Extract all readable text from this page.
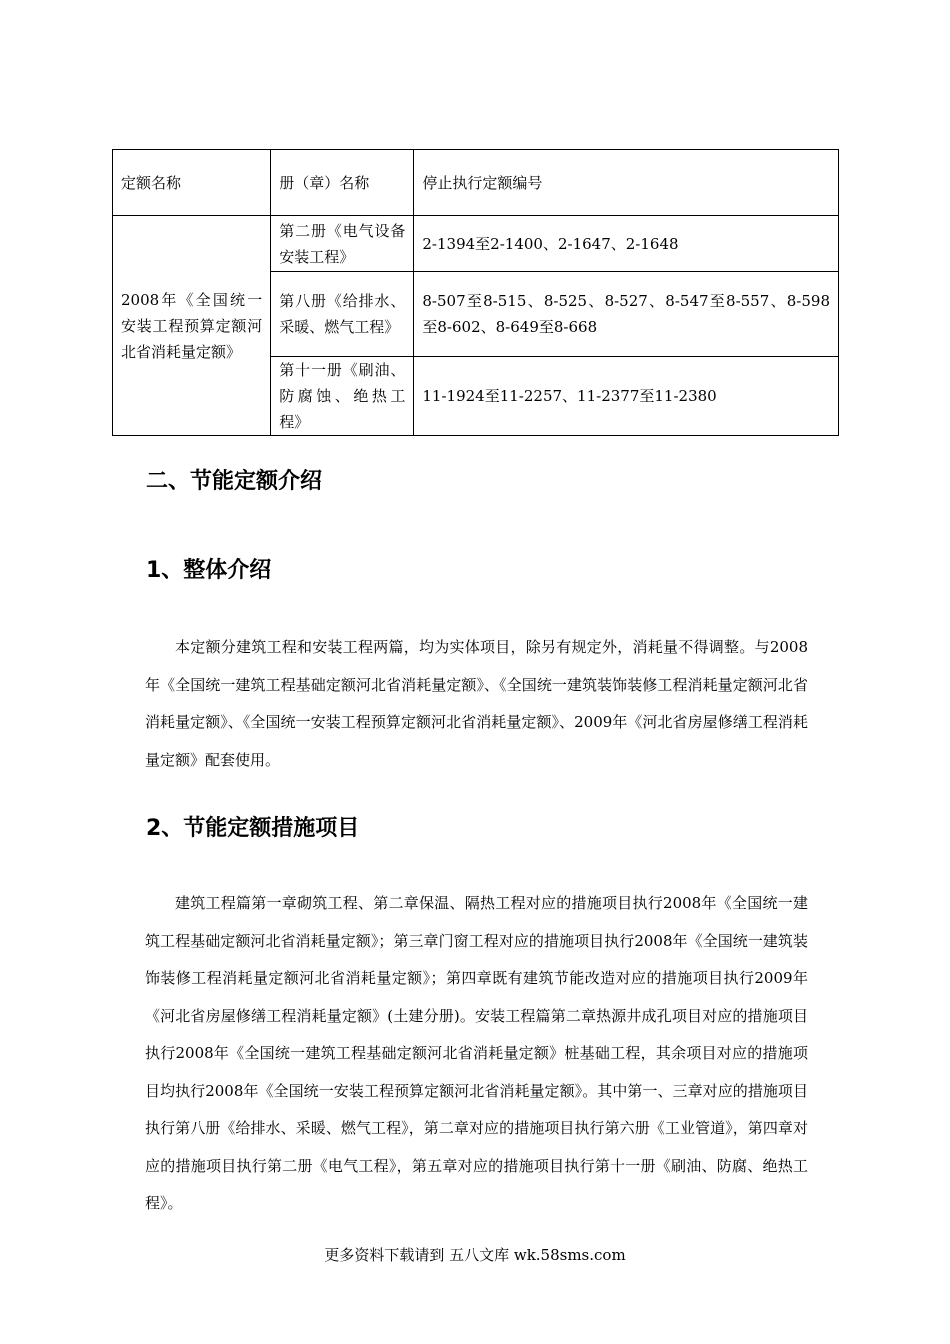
定额名称	册（章）名称	停止执行定额编号
2008年《全国统一安装工程预算定额河北省消耗量定额》	第二册《电气设备安装工程》	2-1394至2-1400、2-1647、2-1648
	第八册《给排水、采暖、燃气工程》	8-507至8-515、8-525、8-527、8-547至8-557、8-598至8-602、8-649至8-668
	第十一册《刷油、防腐蚀、绝热工程》	11-1924至11-2257、11-2377至11-2380
二、节能定额介绍
1、整体介绍

本定额分建筑工程和安装工程两篇，均为实体项目，除另有规定外，消耗量不得调整。与2008年《全国统一建筑工程基础定额河北省消耗量定额》、《全国统一建筑装饰装修工程消耗量定额河北省消耗量定额》、《全国统一安装工程预算定额河北省消耗量定额》、2009年《河北省房屋修缮工程消耗量定额》配套使用。

2、节能定额措施项目

建筑工程篇第一章砌筑工程、第二章保温、隔热工程对应的措施项目执行2008年《全国统一建筑工程基础定额河北省消耗量定额》；第三章门窗工程对应的措施项目执行2008年《全国统一建筑装饰装修工程消耗量定额河北省消耗量定额》；第四章既有建筑节能改造对应的措施项目执行2009年《河北省房屋修缮工程消耗量定额》(土建分册)。安装工程篇第二章热源井成孔项目对应的措施项目执行2008年《全国统一建筑工程基础定额河北省消耗量定额》桩基础工程，其余项目对应的措施项目均执行2008年《全国统一安装工程预算定额河北省消耗量定额》。其中第一、三章对应的措施项目执行第八册《给排水、采暖、燃气工程》，第二章对应的措施项目执行第六册《工业管道》，第四章对应的措施项目执行第二册《电气工程》，第五章对应的措施项目执行第十一册《刷油、防腐、绝热工程》。

更多资料下载请到 五八文库 wk.58sms.com
